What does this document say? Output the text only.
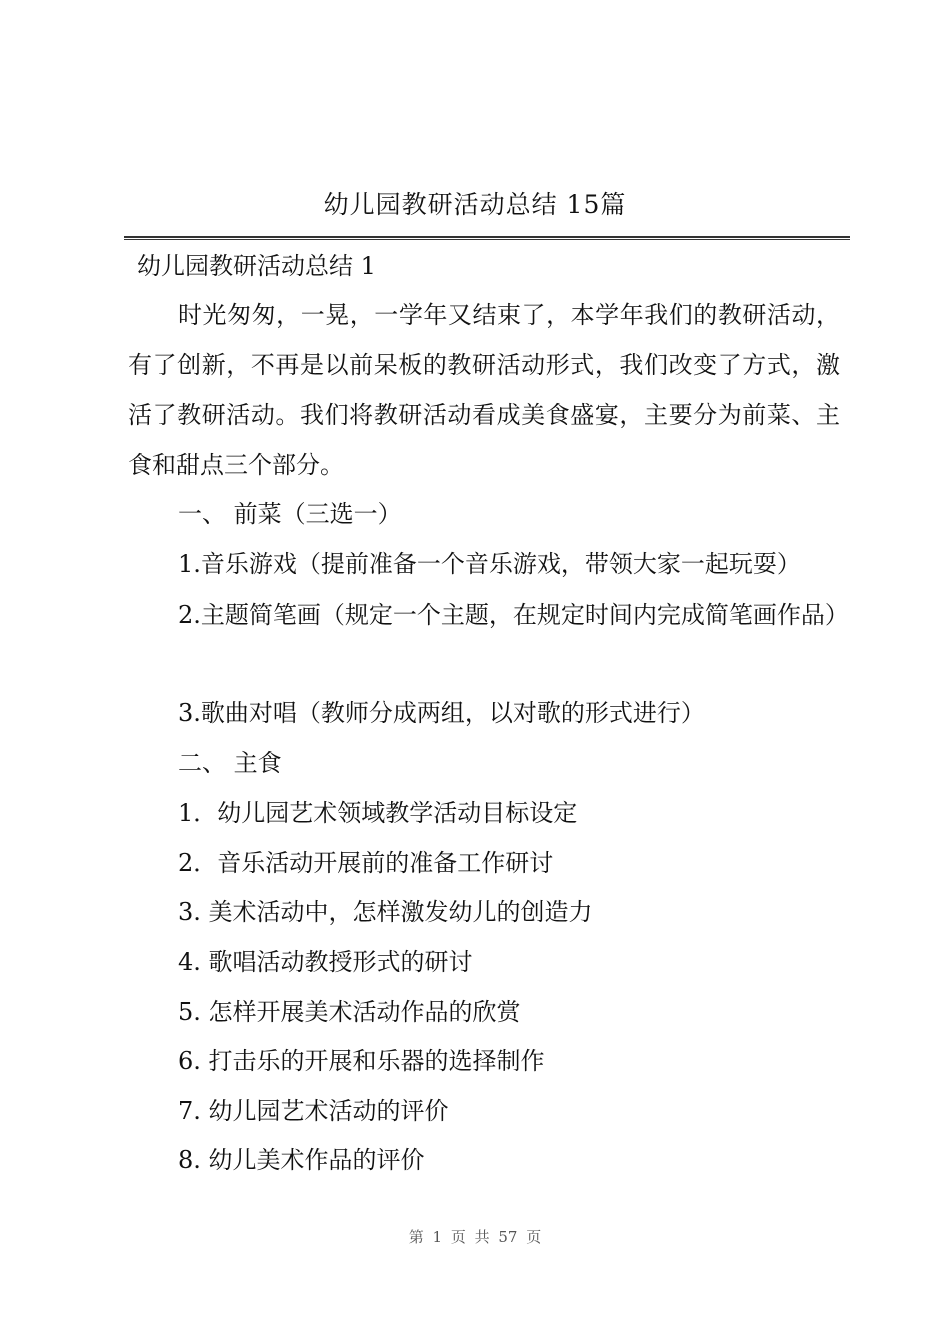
幼儿园教研活动总结 15篇
幼儿园教研活动总结 1
时光匆匆，一晃，一学年又结束了，本学年我们的教研活动，有了创新，不再是以前呆板的教研活动形式，我们改变了方式，激活了教研活动。我们将教研活动看成美食盛宴，主要分为前菜、主食和甜点三个部分。
一、 前菜（三选一）
1.音乐游戏（提前准备一个音乐游戏，带领大家一起玩耍）
2.主题简笔画（规定一个主题，在规定时间内完成简笔画作品）
3.歌曲对唱（教师分成两组，以对歌的形式进行）
二、 主食
1．幼儿园艺术领域教学活动目标设定
2．音乐活动开展前的准备工作研讨
3. 美术活动中，怎样激发幼儿的创造力
4. 歌唱活动教授形式的研讨
5. 怎样开展美术活动作品的欣赏
6. 打击乐的开展和乐器的选择制作
7. 幼儿园艺术活动的评价
8. 幼儿美术作品的评价
第 1 页 共 57 页
